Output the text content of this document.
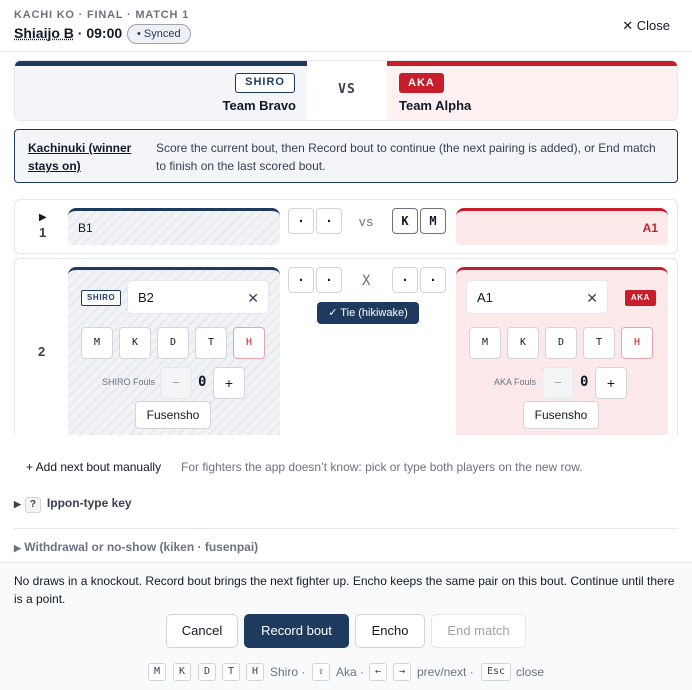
KACHI KO · FINAL · MATCH 1
Shiaijo B · 09:00	• Synced
✕ Close
SHIRO
Team Bravo
VS	AKA
Team Alpha
Kachinuki (winner stays on)
Score the current bout, then Record bout to continue (the next pairing is added), or End match to finish on the last scored bout.
▶
1	B1	·	·	vs	K	M	A1
2
SHIRO	B2	✕
M	K	D	T	H
SHIRO Fouls	−	0	+
Fusensho
·	·	X	·	·
✓ Tie (hikiwake)
A1	✕	AKA
M	K	D	T	H
AKA Fouls	−	0	+
Fusensho
+ Add next bout manually For fighters the app doesn’t know: pick or type both players on the new row.
▶ ? Ippon-type key
▶ Withdrawal or no-show (kiken · fusenpai)
No draws in a knockout. Record bout brings the next fighter up. Encho keeps the same pair on this bout. Continue until there is a point.
Cancel	Record bout	Encho	End match
M	K	D	T	H Shiro ·	⇧ Aka ·	←	→ prev/next ·	Esc close
